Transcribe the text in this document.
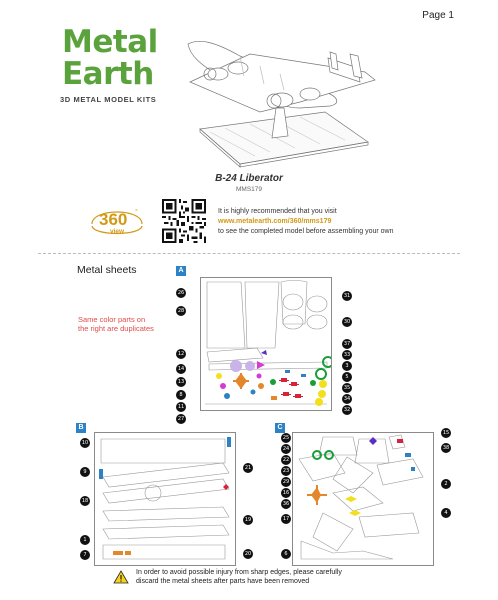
Page 1
Metal
Earth
3D METAL MODEL KITS
B-24 Liberator
MMS179
360 °
view
It is highly recommended that you visit
www.metalearth.com/360/mms179
to see the completed model before assembling your own
Metal sheets
Same color parts on
the right are duplicates
A
26
28
12
14
13
8
11
27
31
30
37
33
3
5
35
34
32
B
10
9
18
1
7
21
19
20
C
25
24
22
23
29
16
36
17
6
15
38
2
4
In order to avoid possible injury from sharp edges, please carefully
discard the metal sheets after parts have been removed
